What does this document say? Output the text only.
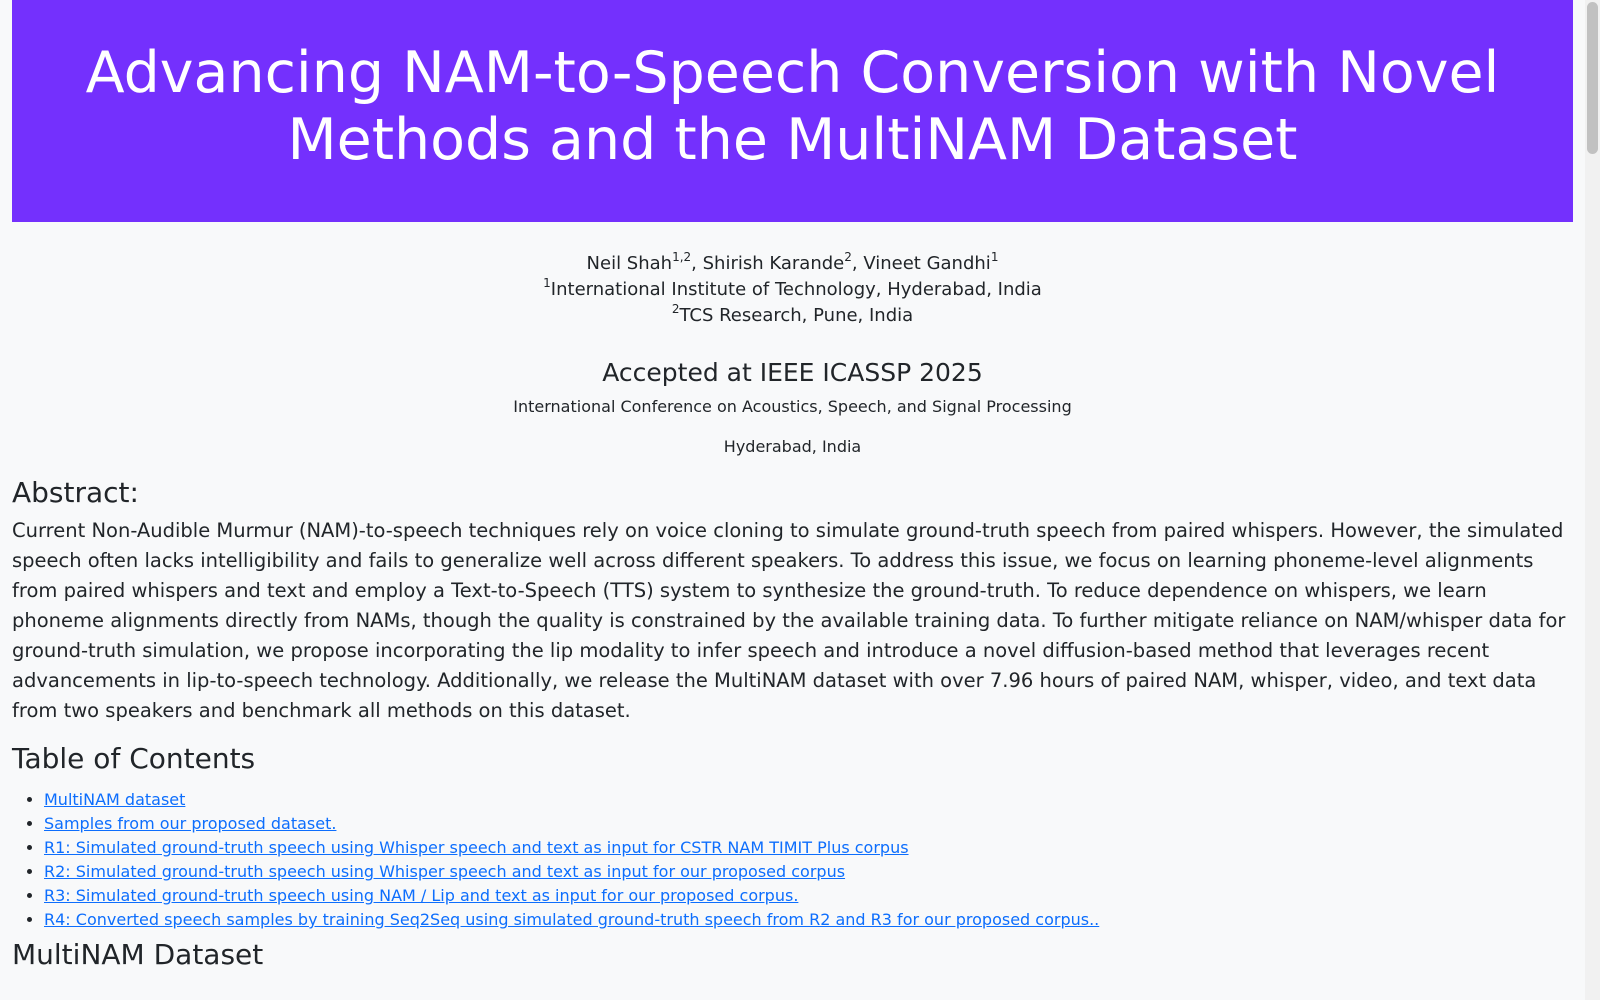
Advancing NAM-to-Speech Conversion with Novel
Methods and the MultiNAM Dataset
Neil Shah$^{1,2}$, Shirish Karande$^2$, Vineet Gandhi$^1$
$^1$International Institute of Technology, Hyderabad, India
$^2$TCS Research, Pune, India
Accepted at IEEE ICASSP 2025
International Conference on Acoustics, Speech, and Signal Processing
Hyderabad, India
Abstract:

Current Non-Audible Murmur (NAM)-to-speech techniques rely on voice cloning to simulate ground-truth speech from paired whispers. However, the simulated speech often lacks intelligibility and fails to generalize well across different speakers. To address this issue, we focus on learning phoneme-level alignments from paired whispers and text and employ a Text-to-Speech (TTS) system to synthesize the ground-truth. To reduce dependence on whispers, we learn phoneme alignments directly from NAMs, though the quality is constrained by the available training data. To further mitigate reliance on NAM/whisper data for ground-truth simulation, we propose incorporating the lip modality to infer speech and introduce a novel diffusion-based method that leverages recent advancements in lip-to-speech technology. Additionally, we release the MultiNAM dataset with over 7.96 hours of paired NAM, whisper, video, and text data from two speakers and benchmark all methods on this dataset.

Table of Contents
• MultiNAM dataset
• Samples from our proposed dataset.
• R1: Simulated ground-truth speech using Whisper speech and text as input for CSTR NAM TIMIT Plus corpus
• R2: Simulated ground-truth speech using Whisper speech and text as input for our proposed corpus
• R3: Simulated ground-truth speech using NAM / Lip and text as input for our proposed corpus.
• R4: Converted speech samples by training Seq2Seq using simulated ground-truth speech from R2 and R3 for our proposed corpus..
MultiNAM Dataset
